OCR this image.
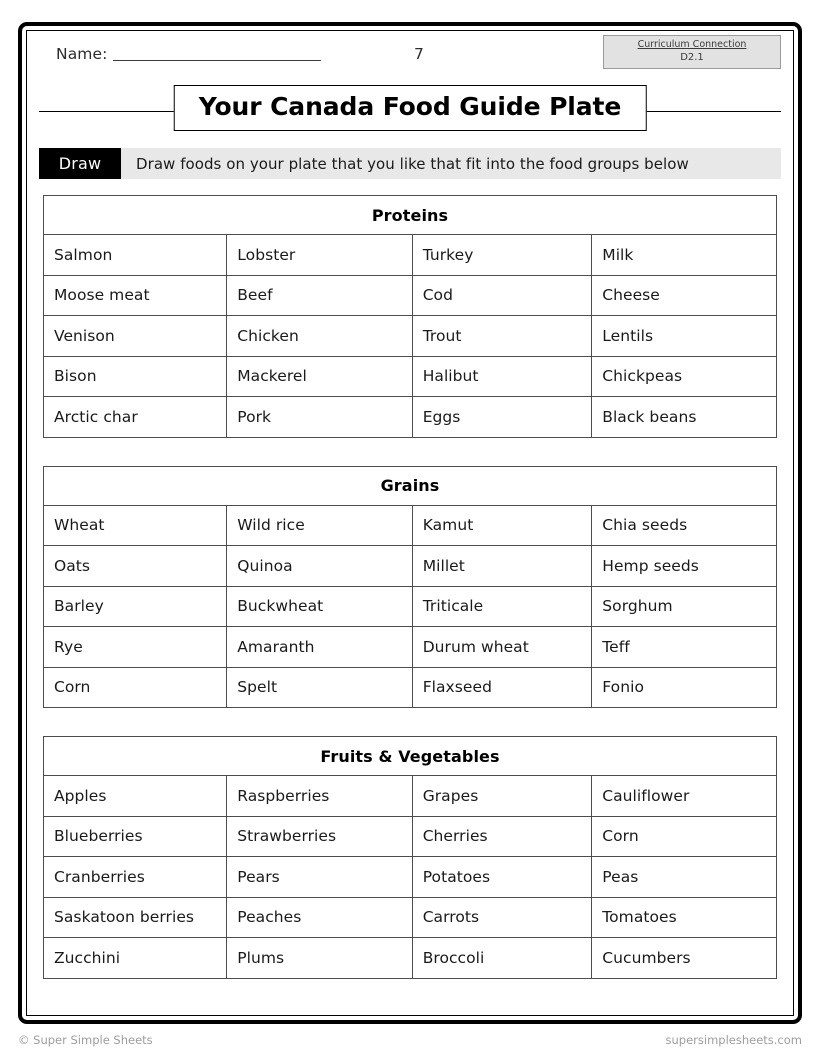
Name:	7
Curriculum Connection
D2.1
Your Canada Food Guide Plate
Draw	Draw foods on your plate that you like that fit into the food groups below
Proteins			
Salmon	Lobster	Turkey	Milk
Moose meat	Beef	Cod	Cheese
Venison	Chicken	Trout	Lentils
Bison	Mackerel	Halibut	Chickpeas
Arctic char	Pork	Eggs	Black beans
Grains			
Wheat	Wild rice	Kamut	Chia seeds
Oats	Quinoa	Millet	Hemp seeds
Barley	Buckwheat	Triticale	Sorghum
Rye	Amaranth	Durum wheat	Teff
Corn	Spelt	Flaxseed	Fonio
Fruits & Vegetables			
Apples	Raspberries	Grapes	Cauliflower
Blueberries	Strawberries	Cherries	Corn
Cranberries	Pears	Potatoes	Peas
Saskatoon berries	Peaches	Carrots	Tomatoes
Zucchini	Plums	Broccoli	Cucumbers
© Super Simple Sheets	supersimplesheets.com
